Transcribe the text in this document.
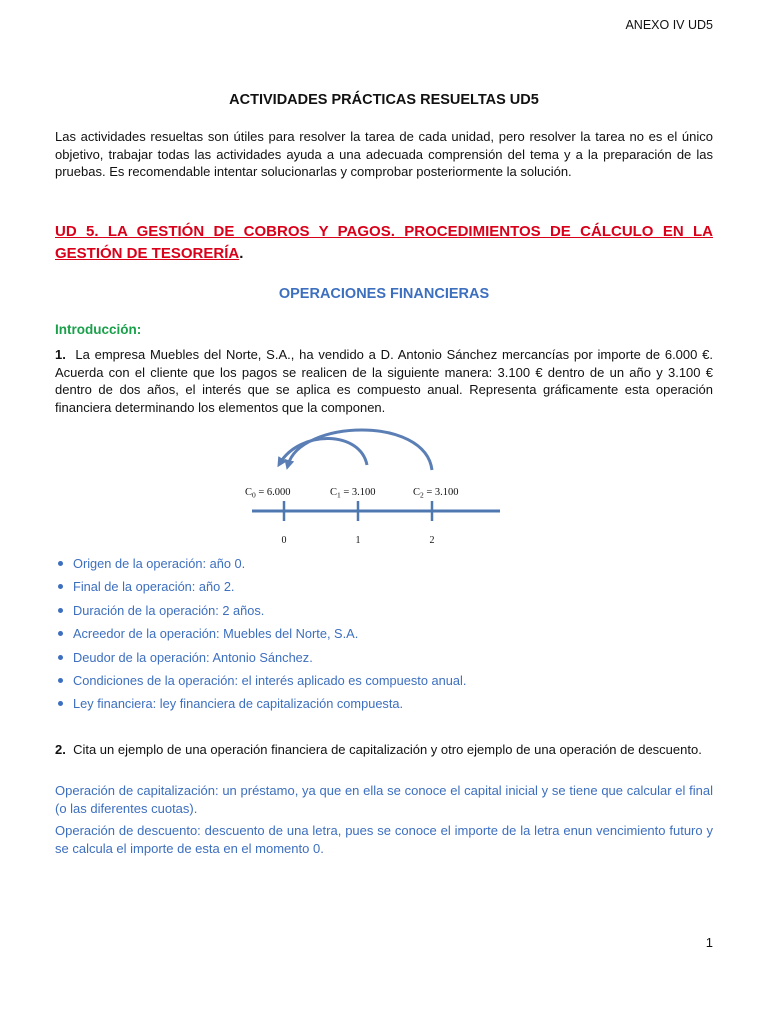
ANEXO IV UD5
ACTIVIDADES PRÁCTICAS RESUELTAS UD5

Las actividades resueltas son útiles para resolver la tarea de cada unidad, pero resolver la tarea no es el único objetivo, trabajar todas las actividades ayuda a una adecuada comprensión del tema y a la preparación de las pruebas. Es recomendable intentar solucionarlas y comprobar posteriormente la solución.

UD 5. LA GESTIÓN DE COBROS Y PAGOS. PROCEDIMIENTOS DE CÁLCULO EN LA GESTIÓN DE TESORERÍA.

OPERACIONES FINANCIERAS
Introducción:

1. La empresa Muebles del Norte, S.A., ha vendido a D. Antonio Sánchez mercancías por importe de 6.000 €. Acuerda con el cliente que los pagos se realicen de la siguiente manera: 3.100 € dentro de un año y 3.100 € dentro de dos años, el interés que se aplica es compuesto anual. Representa gráficamente esta operación financiera determinando los elementos que la componen.

$C_0 = 6.000$	$C_1 = 3.100$	$C_2 = 3.100$
0	1	2
Origen de la operación: año 0.
Final de la operación: año 2.
Duración de la operación: 2 años.
Acreedor de la operación: Muebles del Norte, S.A.
Deudor de la operación: Antonio Sánchez.
Condiciones de la operación: el interés aplicado es compuesto anual.
Ley financiera: ley financiera de capitalización compuesta.

2. Cita un ejemplo de una operación financiera de capitalización y otro ejemplo de una operación de descuento.

Operación de capitalización: un préstamo, ya que en ella se conoce el capital inicial y se tiene que calcular el final (o las diferentes cuotas).

Operación de descuento: descuento de una letra, pues se conoce el importe de la letra enun vencimiento futuro y se calcula el importe de esta en el momento 0.

1
